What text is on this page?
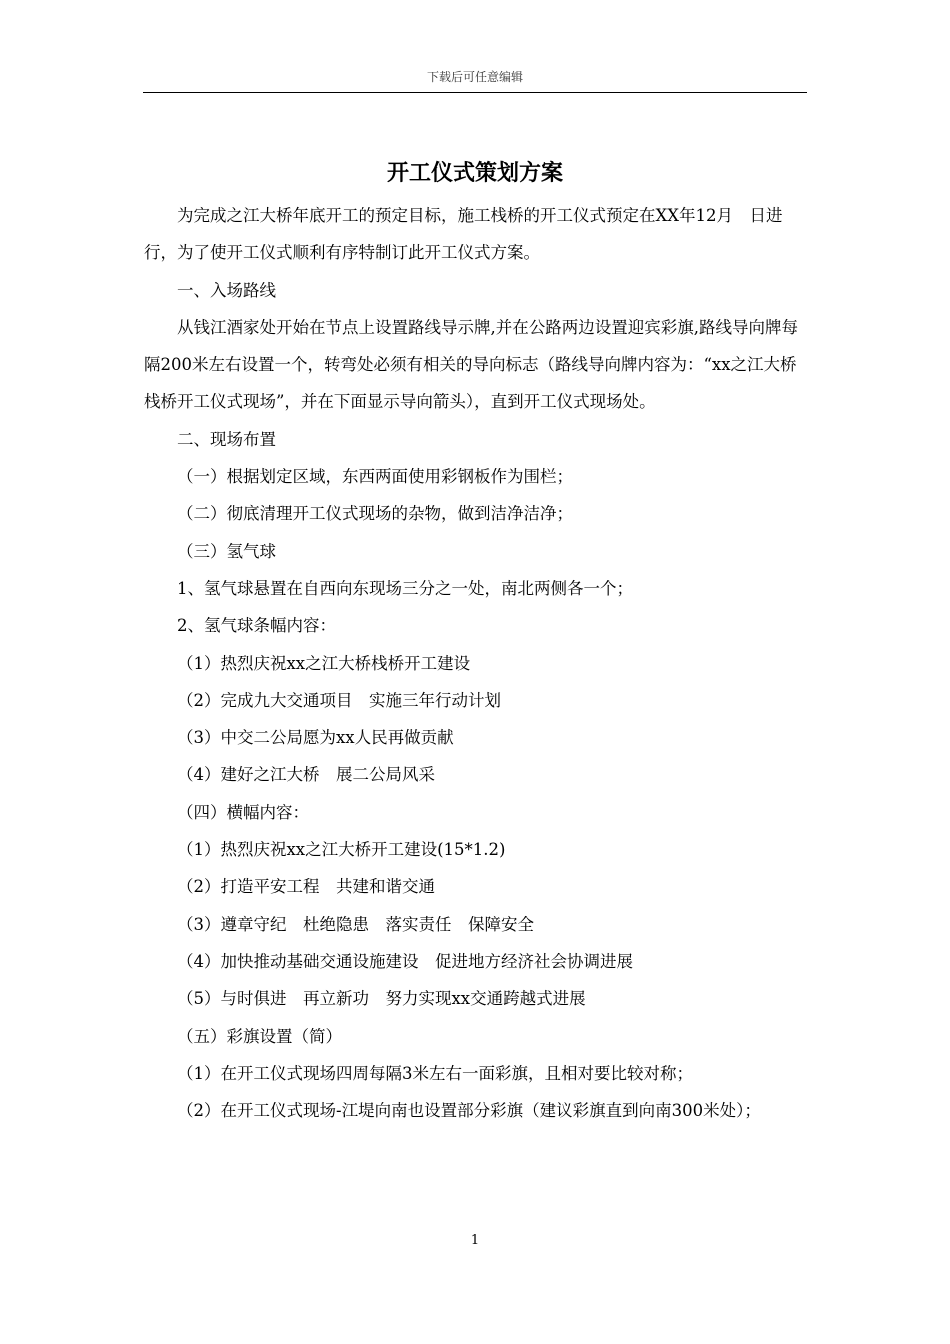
下载后可任意编辑
开工仪式策划方案

为完成之江大桥年底开工的预定目标，施工栈桥的开工仪式预定在XX年12月　日进行，为了使开工仪式顺利有序特制订此开工仪式方案。

一、入场路线

从钱江酒家处开始在节点上设置路线导示牌,并在公路两边设置迎宾彩旗,路线导向牌每隔200米左右设置一个，转弯处必须有相关的导向标志（路线导向牌内容为：“xx之江大桥栈桥开工仪式现场”，并在下面显示导向箭头），直到开工仪式现场处。

二、现场布置

（一）根据划定区域，东西两面使用彩钢板作为围栏；

（二）彻底清理开工仪式现场的杂物，做到洁净洁净；

（三）氢气球

1、氢气球悬置在自西向东现场三分之一处，南北两侧各一个；

2、氢气球条幅内容：

（1）热烈庆祝xx之江大桥栈桥开工建设

（2）完成九大交通项目　实施三年行动计划

（3）中交二公局愿为xx人民再做贡献

（4）建好之江大桥　展二公局风采

（四）横幅内容：

（1）热烈庆祝xx之江大桥开工建设(15*1.2)

（2）打造平安工程　共建和谐交通

（3）遵章守纪　杜绝隐患　落实责任　保障安全

（4）加快推动基础交通设施建设　促进地方经济社会协调进展

（5）与时俱进　再立新功　努力实现xx交通跨越式进展

（五）彩旗设置（简）

（1）在开工仪式现场四周每隔3米左右一面彩旗，且相对要比较对称；

（2）在开工仪式现场-江堤向南也设置部分彩旗（建议彩旗直到向南300米处）；

1
